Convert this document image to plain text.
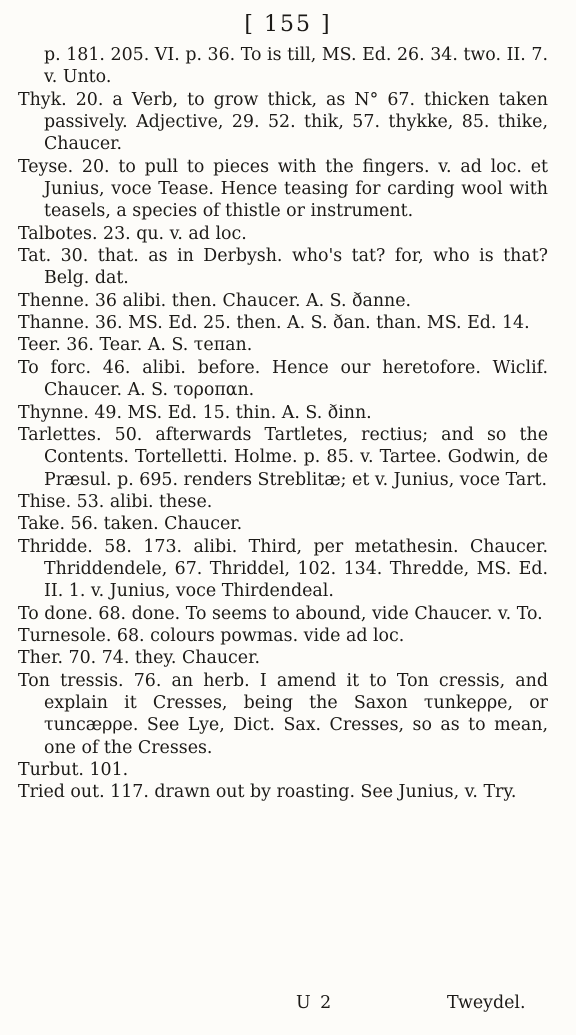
[ 155 ]
p. 181. 205. VI. p. 36. To is till, MS. Ed. 26. 34. two. II. 7. v. Unto.
Thyk. 20. a Verb, to grow thick, as N° 67. thicken taken passively. Adjective, 29. 52. thik, 57. thykke, 85. thike, Chaucer.
Teyse. 20. to pull to pieces with the fingers. v. ad loc. et Junius, voce Tease. Hence teasing for carding wool with teasels, a species of thistle or instrument.
Talbotes. 23. qu. v. ad loc.
Tat. 30. that. as in Derbysh. who's tat? for, who is that? Belg. dat.
Thenne. 36 alibi. then. Chaucer. A. S. ðanne.
Thanne. 36. MS. Ed. 25. then. A. S. ðan. than. MS. Ed. 14.
Teer. 36. Tear. A. S. τeπan.
To forc. 46. alibi. before. Hence our heretofore. Wiclif. Chaucer. A. S. τοροπαn.
Thynne. 49. MS. Ed. 15. thin. A. S. ðinn.
Tarlettes. 50. afterwards Tartletes, rectius; and so the Contents. Tortelletti. Holme. p. 85. v. Tartee. Godwin, de Præsul. p. 695. renders Streblitæ; et v. Junius, voce Tart.
Thise. 53. alibi. these.
Take. 56. taken. Chaucer.
Thridde. 58. 173. alibi. Third, per metathesin. Chaucer. Thriddendele, 67. Thriddel, 102. 134. Thredde, MS. Ed. II. 1. v. Junius, voce Thirdendeal.
To done. 68. done. To seems to abound, vide Chaucer. v. To.
Turnesole. 68. colours powmas. vide ad loc.
Ther. 70. 74. they. Chaucer.
Ton tressis. 76. an herb. I amend it to Ton cressis, and explain it Cresses, being the Saxon τunkeρρe, or τuncæρρe. See Lye, Dict. Sax. Cresses, so as to mean, one of the Cresses.
Turbut. 101.
Tried out. 117. drawn out by roasting. See Junius, v. Try.
U 2	Tweydel.
